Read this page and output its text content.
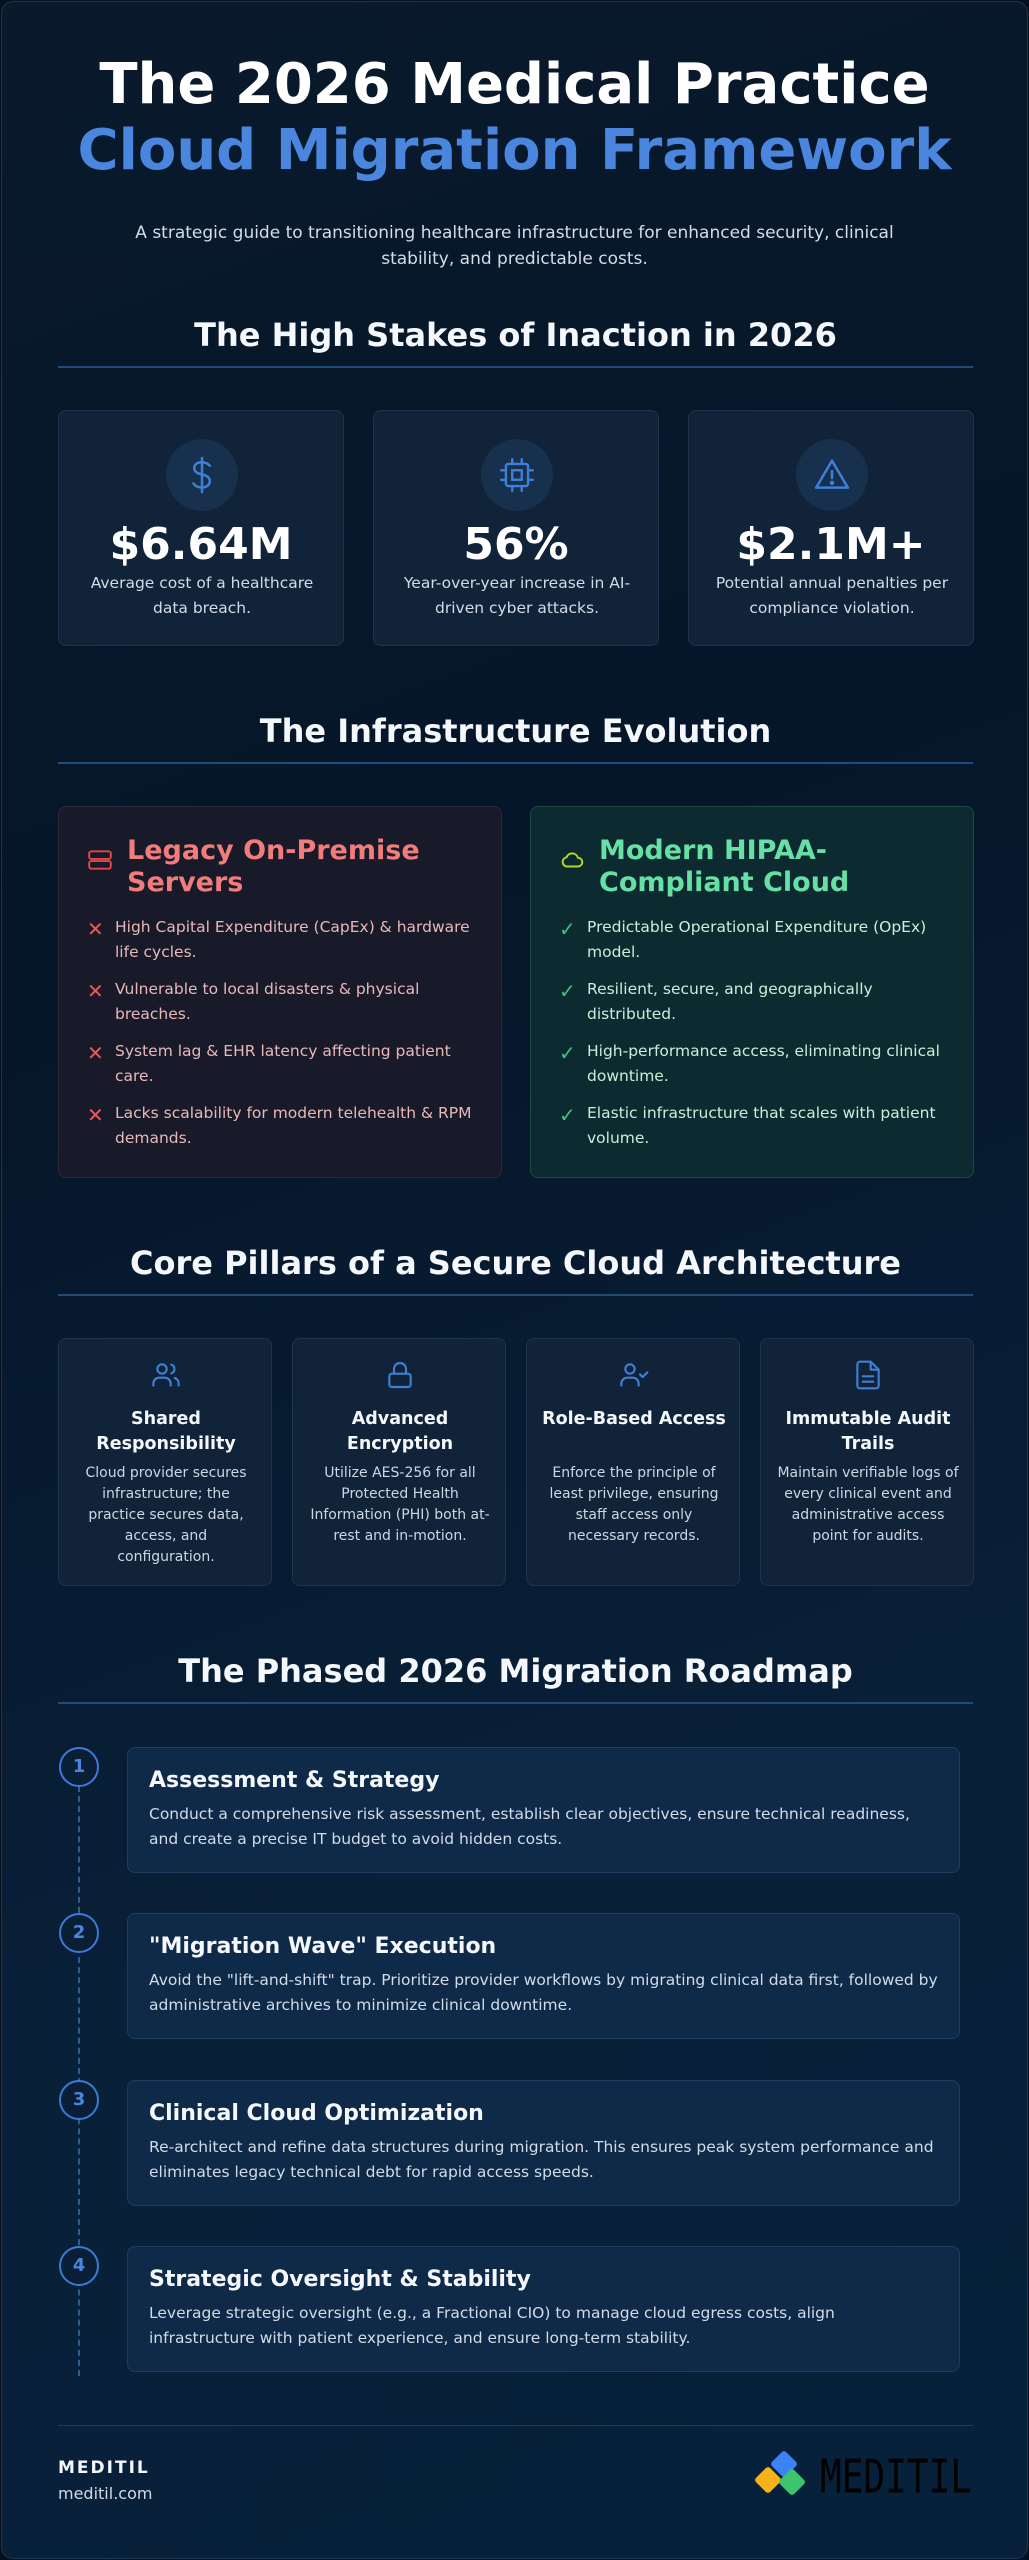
The 2026 Medical Practice
Cloud Migration Framework
A strategic guide to transitioning healthcare infrastructure for enhanced security, clinical stability, and predictable costs.
The High Stakes of Inaction in 2026
$6.64M
Average cost of a healthcare data breach.
56%
Year-over-year increase in AI-driven cyber attacks.
$2.1M+
Potential annual penalties per compliance violation.
The Infrastructure Evolution
Legacy On-Premise Servers
✕ High Capital Expenditure (CapEx) & hardware life cycles.
✕ Vulnerable to local disasters & physical breaches.
✕ System lag & EHR latency affecting patient care.
✕ Lacks scalability for modern telehealth & RPM demands.
Modern HIPAA-Compliant Cloud
✓ Predictable Operational Expenditure (OpEx) model.
✓ Resilient, secure, and geographically distributed.
✓ High-performance access, eliminating clinical downtime.
✓ Elastic infrastructure that scales with patient volume.
Core Pillars of a Secure Cloud Architecture
Shared Responsibility
Cloud provider secures infrastructure; the practice secures data, access, and configuration.
Advanced Encryption
Utilize AES-256 for all Protected Health Information (PHI) both at-rest and in-motion.
Role-Based Access
Enforce the principle of least privilege, ensuring staff access only necessary records.
Immutable Audit Trails
Maintain verifiable logs of every clinical event and administrative access point for audits.
The Phased 2026 Migration Roadmap
1
Assessment & Strategy
Conduct a comprehensive risk assessment, establish clear objectives, ensure technical readiness, and create a precise IT budget to avoid hidden costs.
2
"Migration Wave" Execution
Avoid the "lift-and-shift" trap. Prioritize provider workflows by migrating clinical data first, followed by administrative archives to minimize clinical downtime.
3
Clinical Cloud Optimization
Re-architect and refine data structures during migration. This ensures peak system performance and eliminates legacy technical debt for rapid access speeds.
4
Strategic Oversight & Stability
Leverage strategic oversight (e.g., a Fractional CIO) to manage cloud egress costs, align infrastructure with patient experience, and ensure long-term stability.
MEDITIL
meditil.com	MEDITIL
